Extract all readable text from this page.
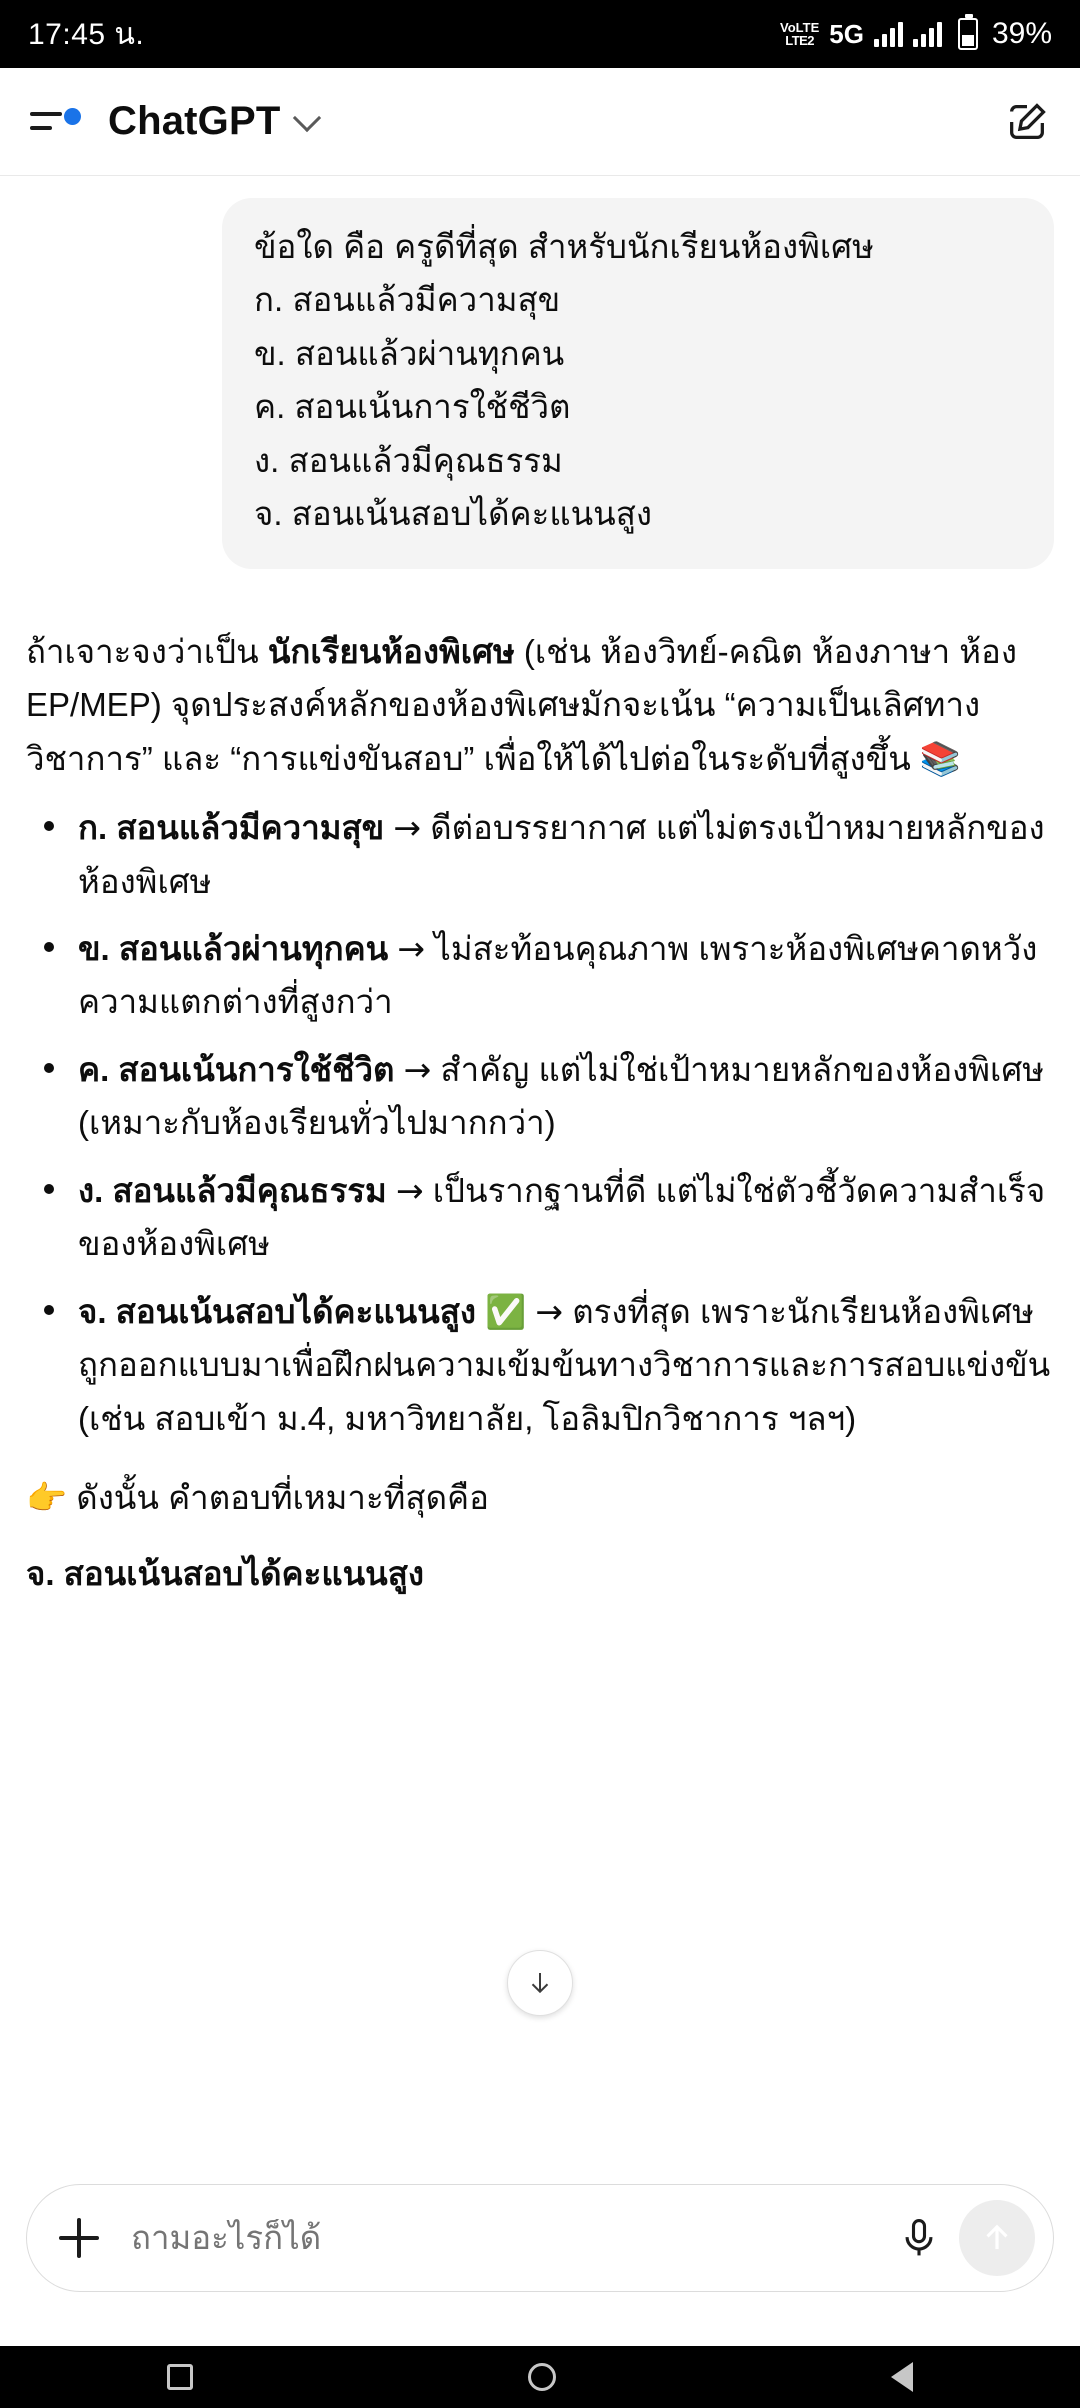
17:45 น.	VoLTE
LTE2 5G	39%
ChatGPT
ข้อใด คือ ครูดีที่สุด สำหรับนักเรียนห้องพิเศษ
ก. สอนแล้วมีความสุข
ข. สอนแล้วผ่านทุกคน
ค. สอนเน้นการใช้ชีวิต
ง. สอนแล้วมีคุณธรรม
จ. สอนเน้นสอบได้คะแนนสูง

ถ้าเจาะจงว่าเป็น นักเรียนห้องพิเศษ (เช่น ห้องวิทย์-คณิต ห้องภาษา ห้อง EP/MEP) จุดประสงค์หลักของห้องพิเศษมักจะเน้น “ความเป็นเลิศทางวิชาการ” และ “การแข่งขันสอบ” เพื่อให้ได้ไปต่อในระดับที่สูงขึ้น 📚

ก. สอนแล้วมีความสุข → ดีต่อบรรยากาศ แต่ไม่ตรงเป้าหมายหลักของห้องพิเศษ
ข. สอนแล้วผ่านทุกคน → ไม่สะท้อนคุณภาพ เพราะห้องพิเศษคาดหวังความแตกต่างที่สูงกว่า
ค. สอนเน้นการใช้ชีวิต → สำคัญ แต่ไม่ใช่เป้าหมายหลักของห้องพิเศษ (เหมาะกับห้องเรียนทั่วไปมากกว่า)
ง. สอนแล้วมีคุณธรรม → เป็นรากฐานที่ดี แต่ไม่ใช่ตัวชี้วัดความสำเร็จของห้องพิเศษ
จ. สอนเน้นสอบได้คะแนนสูง ✅ → ตรงที่สุด เพราะนักเรียนห้องพิเศษถูกออกแบบมาเพื่อฝึกฝนความเข้มข้นทางวิชาการและการสอบแข่งขัน (เช่น สอบเข้า ม.4, มหาวิทยาลัย, โอลิมปิกวิชาการ ฯลฯ)

👉 ดังนั้น คำตอบที่เหมาะที่สุดคือ

จ. สอนเน้นสอบได้คะแนนสูง

ถามอะไรก็ได้
